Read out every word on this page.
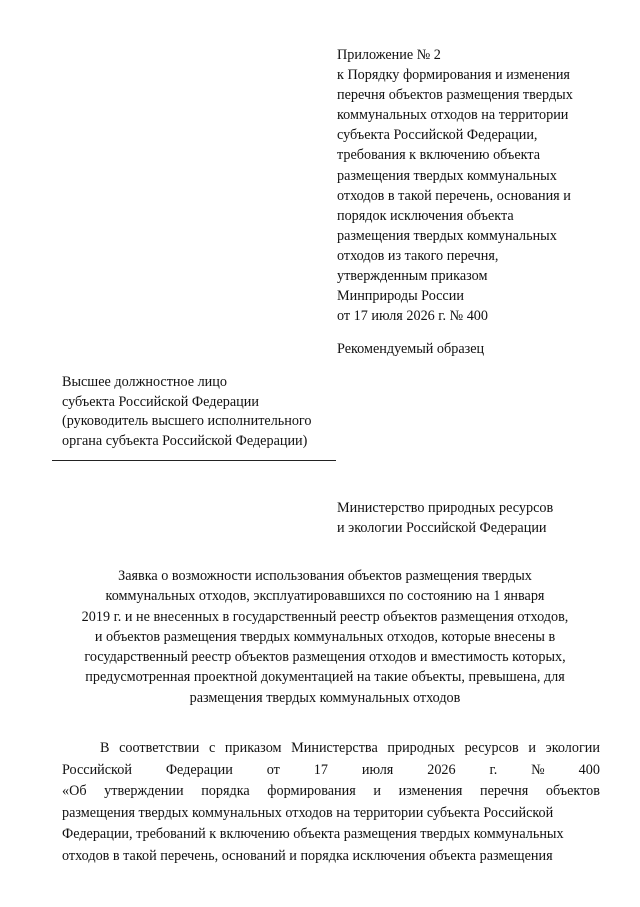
Приложение № 2
к Порядку формирования и изменения
перечня объектов размещения твердых
коммунальных отходов на территории
субъекта Российской Федерации,
требования к включению объекта
размещения твердых коммунальных
отходов в такой перечень, основания и
порядок исключения объекта
размещения твердых коммунальных
отходов из такого перечня,
утвержденным приказом
Минприроды России
от 17 июля 2026 г. № 400
Рекомендуемый образец
Высшее должностное лицо
субъекта Российской Федерации
(руководитель высшего исполнительного
органа субъекта Российской Федерации)
Министерство природных ресурсов
и экологии Российской Федерации
Заявка о возможности использования объектов размещения твердых
коммунальных отходов, эксплуатировавшихся по состоянию на 1 января
2019 г. и не внесенных в государственный реестр объектов размещения отходов,
и объектов размещения твердых коммунальных отходов, которые внесены в
государственный реестр объектов размещения отходов и вместимость которых,
предусмотренная проектной документацией на такие объекты, превышена, для
размещения твердых коммунальных отходов
В соответствии с приказом Министерства природных ресурсов и экологии
Российской Федерации от 17 июля 2026 г. № 400
«Об утверждении порядка формирования и изменения перечня объектов
размещения твердых коммунальных отходов на территории субъекта Российской
Федерации, требований к включению объекта размещения твердых коммунальных
отходов в такой перечень, оснований и порядка исключения объекта размещения
